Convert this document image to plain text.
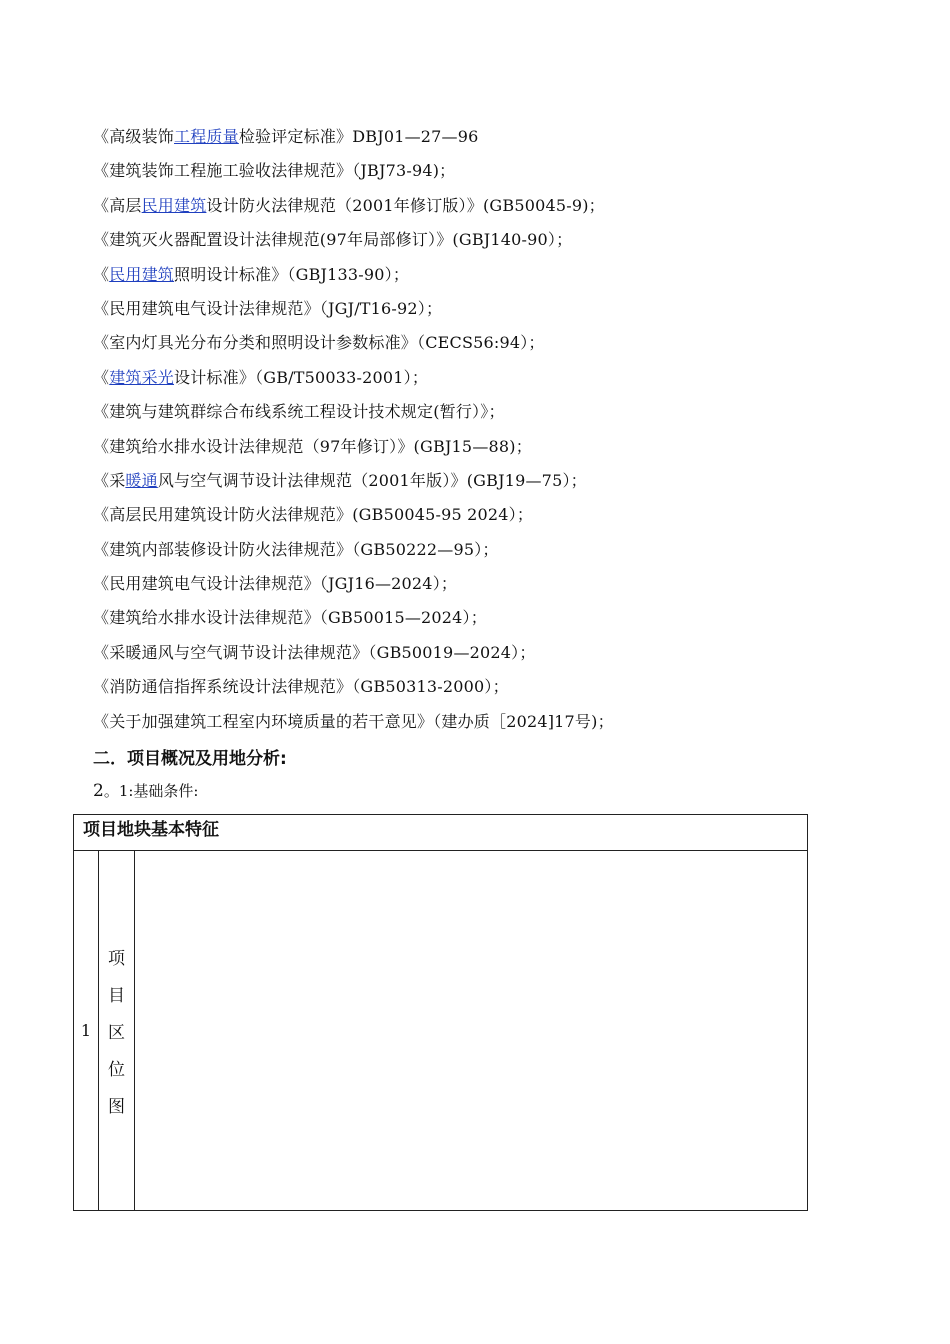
《高级装饰工程质量检验评定标准》DBJ01—27—96
《建筑装饰工程施工验收法律规范》（JBJ73-94)；
《高层民用建筑设计防火法律规范（2001年修订版）》(GB50045-9)；
《建筑灭火器配置设计法律规范(97年局部修订）》(GBJ140-90）；
《民用建筑照明设计标准》（GBJ133-90）；
《民用建筑电气设计法律规范》（JGJ/T16-92）；
《室内灯具光分布分类和照明设计参数标准》（CECS56:94）；
《建筑采光设计标准》（GB/T50033-2001）；
《建筑与建筑群综合布线系统工程设计技术规定(暂行）》；
《建筑给水排水设计法律规范（97年修订）》(GBJ15—88)；
《采暖通风与空气调节设计法律规范（2001年版）》(GBJ19—75）；
《高层民用建筑设计防火法律规范》(GB50045-95 2024）；
《建筑内部装修设计防火法律规范》（GB50222—95）；
《民用建筑电气设计法律规范》（JGJ16—2024）；
《建筑给水排水设计法律规范》（GB50015—2024）；
《采暖通风与空气调节设计法律规范》（GB50019—2024）；
《消防通信指挥系统设计法律规范》（GB50313-2000）；
《关于加强建筑工程室内环境质量的若干意见》（建办质［2024]17号)；
二．项目概况及用地分析:
2。1:基础条件:
项目地块基本特征
1
项
目
区
位
图
